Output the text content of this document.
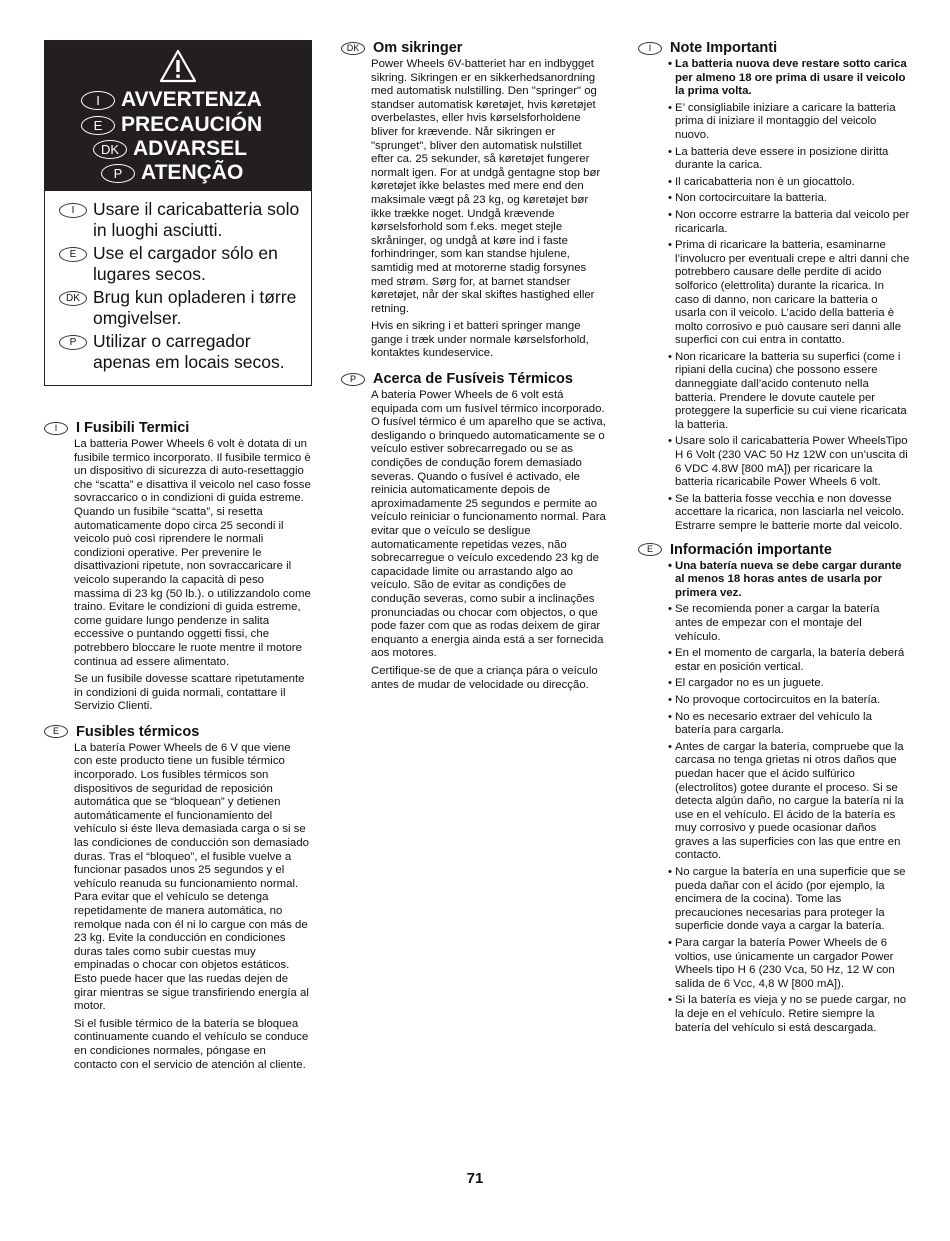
I	AVVERTENZA
E PRECAUCIÓN
DK ADVARSEL
P ATENÇÃO
I	Usare il caricabatteria solo in luoghi asciutti.
E Use el cargador sólo en lugares secos.
DK Brug kun opladeren i tørre omgivelser.
P Utilizar o carregador apenas em locais secos.
I	I Fusibili Termici
La batteria Power Wheels 6 volt è dotata di un fusibile termico incorporato. Il fusibile termico è un dispositivo di sicurezza di auto-resettaggio che “scatta” e disattiva il veicolo nel caso fosse sovraccarico o in condizioni di guida estreme. Quando un fusibile “scatta”, si resetta automaticamente dopo circa 25 secondi il veicolo può così riprendere le normali condizioni operative. Per prevenire le disattivazioni ripetute, non sovraccaricare il veicolo superando la capacità di peso massima di 23 kg (50 lb.). o utilizzandolo come traino. Evitare le condizioni di guida estreme, come guidare lungo pendenze in salita eccessive o puntando oggetti fissi, che potrebbero bloccare le ruote mentre il motore continua ad essere alimentato.
Se un fusibile dovesse scattare ripetutamente in condizioni di guida normali, contattare il Servizio Clienti.
E	Fusibles térmicos
La batería Power Wheels de 6 V que viene con este producto tiene un fusible térmico incorporado. Los fusibles térmicos son dispositivos de seguridad de reposición automática que se “bloquean” y detienen automáticamente el funcionamiento del vehículo si éste lleva demasiada carga o si se las condiciones de conducción son demasiado duras. Tras el “bloqueo”, el fusible vuelve a funcionar pasados unos 25 segundos y el vehículo reanuda su funcionamiento normal. Para evitar que el vehículo se detenga repetidamente de manera automática, no remolque nada con él ni lo cargue con más de 23 kg. Evite la conducción en condiciones duras tales como subir cuestas muy empinadas o chocar con objetos estáticos. Esto puede hacer que las ruedas dejen de girar mientras se sigue transfiriendo energía al motor.
Si el fusible térmico de la batería se bloquea continuamente cuando el vehículo se conduce en condiciones normales, póngase en contacto con el servicio de atención al cliente.
DK Om sikringer
Power Wheels 6V-batteriet har en indbygget sikring. Sikringen er en sikkerhedsanordning med automatisk nulstilling. Den "springer" og standser automatisk køretøjet, hvis køretøjet overbelastes, eller hvis kørselsforholdene bliver for krævende. Når sikringen er "sprunget", bliver den automatisk nulstillet efter ca. 25 sekunder, så køretøjet fungerer normalt igen. For at undgå gentagne stop bør køretøjet ikke belastes med mere end den maksimale vægt på 23 kg, og køretøjet bør ikke trække noget. Undgå krævende kørselsforhold som f.eks. meget stejle skråninger, og undgå at køre ind i faste forhindringer, som kan standse hjulene, samtidig med at motorerne stadig forsynes med strøm. Sørg for, at barnet standser køretøjet, når der skal skiftes hastighed eller retning.
Hvis en sikring i et batteri springer mange gange i træk under normale kørselsforhold, kontaktes kundeservice.
P	Acerca de Fusíveis Térmicos
A bateria Power Wheels de 6 volt está equipada com um fusível térmico incorporado. O fusível térmico é um aparelho que se activa, desligando o brinquedo automaticamente se o veículo estiver sobrecarregado ou se as condições de condução forem demasiado severas. Quando o fusível é activado, ele reinicia automaticamente depois de aproximadamente 25 segundos e permite ao veículo reiniciar o funcionamento normal. Para evitar que o veículo se desligue automaticamente repetidas vezes, não sobrecarregue o veículo excedendo 23 kg de capacidade limite ou arrastando algo ao veículo. São de evitar as condições de condução severas, como subir a inclinações pronunciadas ou chocar com objectos, o que pode fazer com que as rodas deixem de girar enquanto a energia ainda está a ser fornecida aos motores.
Certifique-se de que a criança pára o veículo antes de mudar de velocidade ou direcção.
I	Note Importanti
• La batteria nuova deve restare sotto carica per almeno 18 ore prima di usare il veicolo la prima volta.
• E’ consigliabile iniziare a caricare la batteria prima di iniziare il montaggio del veicolo nuovo.
• La batteria deve essere in posizione diritta durante la carica.
• Il caricabatteria non è un giocattolo.
• Non cortocircuitare la batteria.
• Non occorre estrarre la batteria dal veicolo per ricaricarla.
• Prima di ricaricare la batteria, esaminarne l’involucro per eventuali crepe e altri danni che potrebbero causare delle perdite di acido solforico (elettrolita) durante la ricarica. In caso di danno, non caricare la batteria o usarla con il veicolo. L’acido della batteria è molto corrosivo e può causare seri danni alle superfici con cui entra in contatto.
• Non ricaricare la batteria su superfici (come i ripiani della cucina) che possono essere danneggiate dall’acido contenuto nella batteria. Prendere le dovute cautele per proteggere la superficie su cui viene ricaricata la batteria.
• Usare solo il caricabatteria Power WheelsTipo H 6 Volt (230 VAC 50 Hz 12W con un’uscita di 6 VDC 4.8W [800 mA]) per ricaricare la batteria ricaricabile Power Wheels 6 volt.
• Se la batteria fosse vecchia e non dovesse accettare la ricarica, non lasciarla nel veicolo. Estrarre sempre le batterie morte dal veicolo.
E	Información importante
• Una batería nueva se debe cargar durante al menos 18 horas antes de usarla por primera vez.
• Se recomienda poner a cargar la batería antes de empezar con el montaje del vehículo.
• En el momento de cargarla, la batería deberá estar en posición vertical.
• El cargador no es un juguete.
• No provoque cortocircuitos en la batería.
• No es necesario extraer del vehículo la batería para cargarla.
• Antes de cargar la batería, compruebe que la carcasa no tenga grietas ni otros daños que puedan hacer que el ácido sulfúrico (electrolitos) gotee durante el proceso. Si se detecta algún daño, no cargue la batería ni la use en el vehículo. El ácido de la batería es muy corrosivo y puede ocasionar daños graves a las superficies con las que entre en contacto.
• No cargue la batería en una superficie que se pueda dañar con el ácido (por ejemplo, la encimera de la cocina). Tome las precauciones necesarias para proteger la superficie donde vaya a cargar la batería.
• Para cargar la batería Power Wheels de 6 voltios, use únicamente un cargador Power Wheels tipo H 6 (230 Vca, 50 Hz, 12 W con salida de 6 Vcc, 4,8 W [800 mA]).
• Si la batería es vieja y no se puede cargar, no la deje en el vehículo. Retire siempre la batería del vehículo si está descargada.
71
